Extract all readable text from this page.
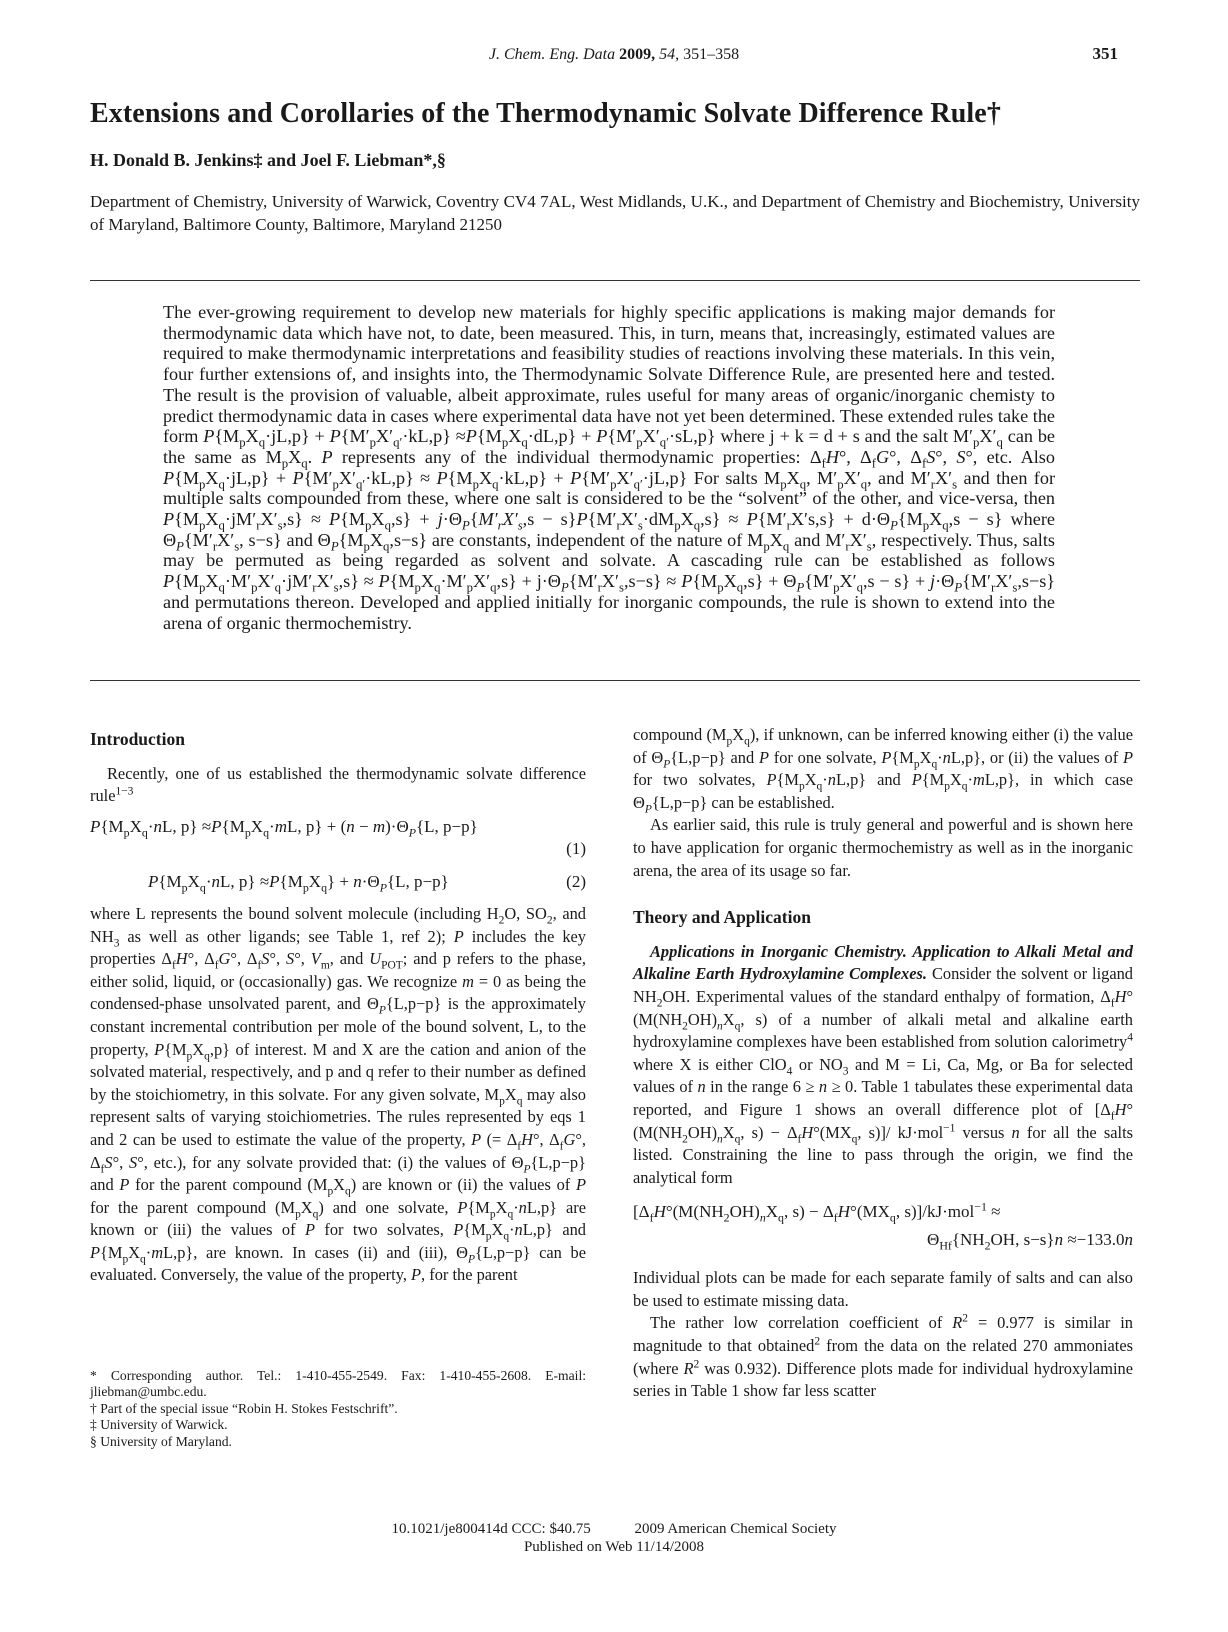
J. Chem. Eng. Data 2009, 54, 351–358	351
Extensions and Corollaries of the Thermodynamic Solvate Difference Rule†
H. Donald B. Jenkins‡ and Joel F. Liebman*,§
Department of Chemistry, University of Warwick, Coventry CV4 7AL, West Midlands, U.K., and Department of Chemistry and Biochemistry, University of Maryland, Baltimore County, Baltimore, Maryland 21250
The ever-growing requirement to develop new materials for highly specific applications is making major demands for thermodynamic data which have not, to date, been measured. This, in turn, means that, increasingly, estimated values are required to make thermodynamic interpretations and feasibility studies of reactions involving these materials. In this vein, four further extensions of, and insights into, the Thermodynamic Solvate Difference Rule, are presented here and tested. The result is the provision of valuable, albeit approximate, rules useful for many areas of organic/inorganic chemisty to predict thermodynamic data in cases where experimental data have not yet been determined. These extended rules take the form $P\{M_pX_q\cdot jL,p\} + P\{M'_pX'_{q'}\cdot kL,p\} \approx P\{M_pX_q\cdot dL,p\} + P\{M'_pX'_{q'}\cdot sL,p\}$ where j + k = d + s and the salt $M'_pX'_q$ can be the same as $M_pX_q$. P represents any of the individual thermodynamic properties: $\Delta_fH^\circ$, $\Delta_fG^\circ$, $\Delta_fS^\circ$, S°, etc. Also $P\{M_pX_q\cdot jL,p\} + P\{M'_pX'_{q'}\cdot kL,p\} \approx P\{M_pX_q\cdot kL,p\} + P\{M'_pX'_{q'}\cdot jL,p\}$ For salts $M_pX_q$, $M'_pX'_q$, and $M'_rX'_s$ and then for multiple salts compounded from these, where one salt is considered to be the “solvent” of the other, and vice-versa, then $P\{M_pX_q\cdot jM'_rX'_s,s\} \approx P\{M_pX_q,s\} + j\cdot\Theta_P\{M'_rX'_s,s - s\}P\{M'_rX'_s\cdot dM_pX_q,s\} \approx P\{M'_rX's,s\} + d\cdot\Theta_P\{M_pX_q,s - s\}$ where $\Theta_P\{M'_rX'_s$, s−s} and $\Theta_P\{M_pX_q,s-s\}$ are constants, independent of the nature of $M_pX_q$ and $M'_rX'_s$, respectively. Thus, salts may be permuted as being regarded as solvent and solvate. A cascading rule can be established as follows $P\{M_pX_q\cdot M'_pX'_q\cdot jM'_rX'_s,s\} \approx P\{M_pX_q\cdot M'_pX'_q,s\} + j\cdot\Theta_P\{M'_rX'_s,s-s\} \approx P\{M_pX_q,s\} + \Theta_P\{M'_pX'_q,s - s\} + j\cdot\Theta_P\{M'_rX'_s,s-s\}$ and permutations thereon. Developed and applied initially for inorganic compounds, the rule is shown to extend into the arena of organic thermochemistry.
Introduction

Recently, one of us established the thermodynamic solvate difference rule$^{1-3}$

$P\{M_pX_q\cdot nL$, $p\} \approx P\{M_pX_q\cdot mL$, $p\} + (n - m)\cdot\Theta_P\{L$, p−p}
(1)
$P\{M_pX_q\cdot nL$, $p\} \approx P\{M_pX_q\} + n\cdot\Theta_P\{L$, p−p}	(2)

where L represents the bound solvent molecule (including $H_2O$, $SO_2$, and $NH_3$ as well as other ligands; see Table 1, ref 2); P includes the key properties $\Delta_fH^\circ$, $\Delta_fG^\circ$, $\Delta_fS^\circ$, S°, $V_m$, and $U_{POT}$; and p refers to the phase, either solid, liquid, or (occasionally) gas. We recognize m = 0 as being the condensed-phase unsolvated parent, and $\Theta_P\{L,p-p\}$ is the approximately constant incremental contribution per mole of the bound solvent, L, to the property, $P\{M_pX_q,p\}$ of interest. M and X are the cation and anion of the solvated material, respectively, and p and q refer to their number as defined by the stoichiometry, in this solvate. For any given solvate, $M_pX_q$ may also represent salts of varying stoichiometries. The rules represented by eqs 1 and 2 can be used to estimate the value of the property, P (= $\Delta_fH^\circ$, $\Delta_fG^\circ$, $\Delta_fS^\circ$, S°, etc.), for any solvate provided that: (i) the values of $\Theta_P\{L,p-p\}$ and P for the parent compound $(M_pX_q)$ are known or (ii) the values of P for the parent compound $(M_pX_q)$ and one solvate, $P\{M_pX_q\cdot nL,p\}$ are known or (iii) the values of P for two solvates, $P\{M_pX_q\cdot nL,p\}$ and $P\{M_pX_q\cdot mL,p\}$, are known. In cases (ii) and (iii), $\Theta_P\{L,p-p\}$ can be evaluated. Conversely, the value of the property, P, for the parent

* Corresponding author. Tel.: 1-410-455-2549. Fax: 1-410-455-2608. E-mail: jliebman@umbc.edu.

† Part of the special issue “Robin H. Stokes Festschrift”.

‡ University of Warwick.

§ University of Maryland.

compound $(M_pX_q)$, if unknown, can be inferred knowing either (i) the value of $\Theta_P\{L,p-p\}$ and P for one solvate, $P\{M_pX_q\cdot nL,p\}$, or (ii) the values of P for two solvates, $P\{M_pX_q\cdot nL,p\}$ and $P\{M_pX_q\cdot mL,p\}$, in which case $\Theta_P\{L,p-p\}$ can be established.

As earlier said, this rule is truly general and powerful and is shown here to have application for organic thermochemistry as well as in the inorganic arena, the area of its usage so far.

Theory and Application

Applications in Inorganic Chemistry. Application to Alkali Metal and Alkaline Earth Hydroxylamine Complexes. Consider the solvent or ligand $NH_2OH$. Experimental values of the standard enthalpy of formation, $\Delta_fH^\circ(M(NH_2OH)_nX_q$, s) of a number of alkali metal and alkaline earth hydroxylamine complexes have been established from solution calorimetry$^4$ where X is either ClO$_4$ or $NO_3$ and M = Li, Ca, Mg, or Ba for selected values of n in the range 6 ≥ n ≥ 0. Table 1 tabulates these experimental data reported, and Figure 1 shows an overall difference plot of [$\Delta_fH^\circ(M(NH_2OH)_nX_q$, $s) - \Delta_fH^\circ(MX_q$, s)]/ kJ·mol$^{-1}$ versus n for all the salts listed. Constraining the line to pass through the origin, we find the analytical form

[$\Delta_fH^\circ(M(NH_2OH)_nX_q$, $s) - \Delta_fH^\circ(MX_q$, s)]/kJ·mol$^{-1}$ ≈
$\Theta_{Hf}\{NH_2OH$, s−s}n ≈−133.0n

Individual plots can be made for each separate family of salts and can also be used to estimate missing data.

The rather low correlation coefficient of $R^2 = 0.977$ is similar in magnitude to that obtained$^2$ from the data on the related 270 ammoniates (where $R^2$ was 0.932). Difference plots made for individual hydroxylamine series in Table 1 show far less scatter

10.1021/je800414d CCC: $40.75	2009 American Chemical Society
Published on Web 11/14/2008
